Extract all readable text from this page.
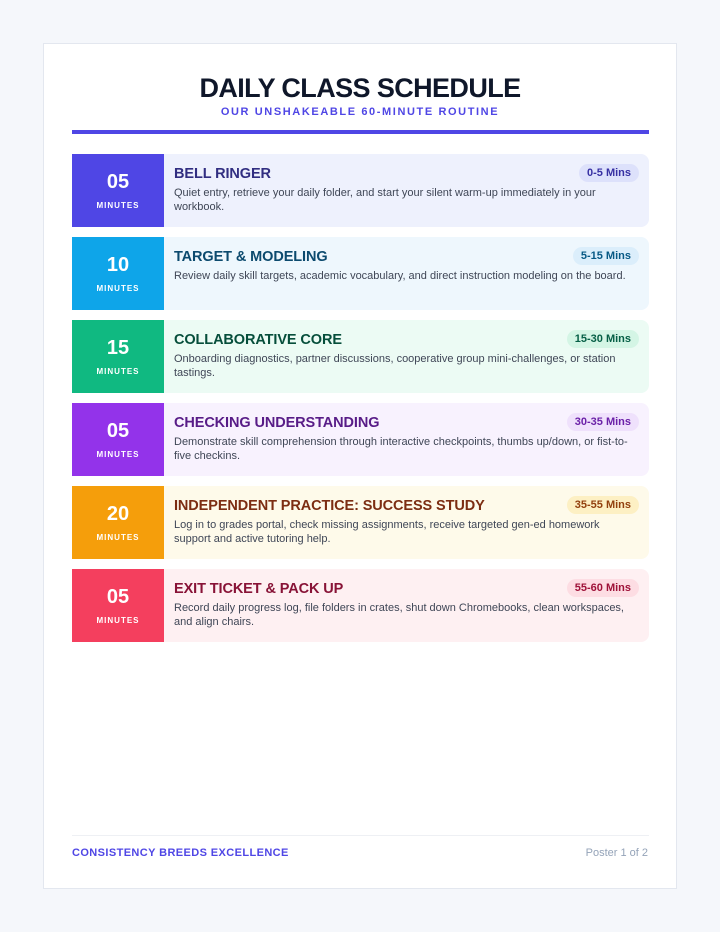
DAILY CLASS SCHEDULE
OUR UNSHAKEABLE 60-MINUTE ROUTINE
05
MINUTES
BELL RINGER
Quiet entry, retrieve your daily folder, and start your silent warm-up immediately in your workbook.
0-5 Mins
10
MINUTES
TARGET & MODELING
Review daily skill targets, academic vocabulary, and direct instruction modeling on the board.
5-15 Mins
15
MINUTES
COLLABORATIVE CORE
Onboarding diagnostics, partner discussions, cooperative group mini-challenges, or station tastings.
15-30 Mins
05
MINUTES
CHECKING UNDERSTANDING
Demonstrate skill comprehension through interactive checkpoints, thumbs up/down, or fist-to-five checkins.
30-35 Mins
20
MINUTES
INDEPENDENT PRACTICE: SUCCESS STUDY
Log in to grades portal, check missing assignments, receive targeted gen-ed homework support and active tutoring help.
35-55 Mins
05
MINUTES
EXIT TICKET & PACK UP
Record daily progress log, file folders in crates, shut down Chromebooks, clean workspaces, and align chairs.
55-60 Mins
CONSISTENCY BREEDS EXCELLENCE	Poster 1 of 2
